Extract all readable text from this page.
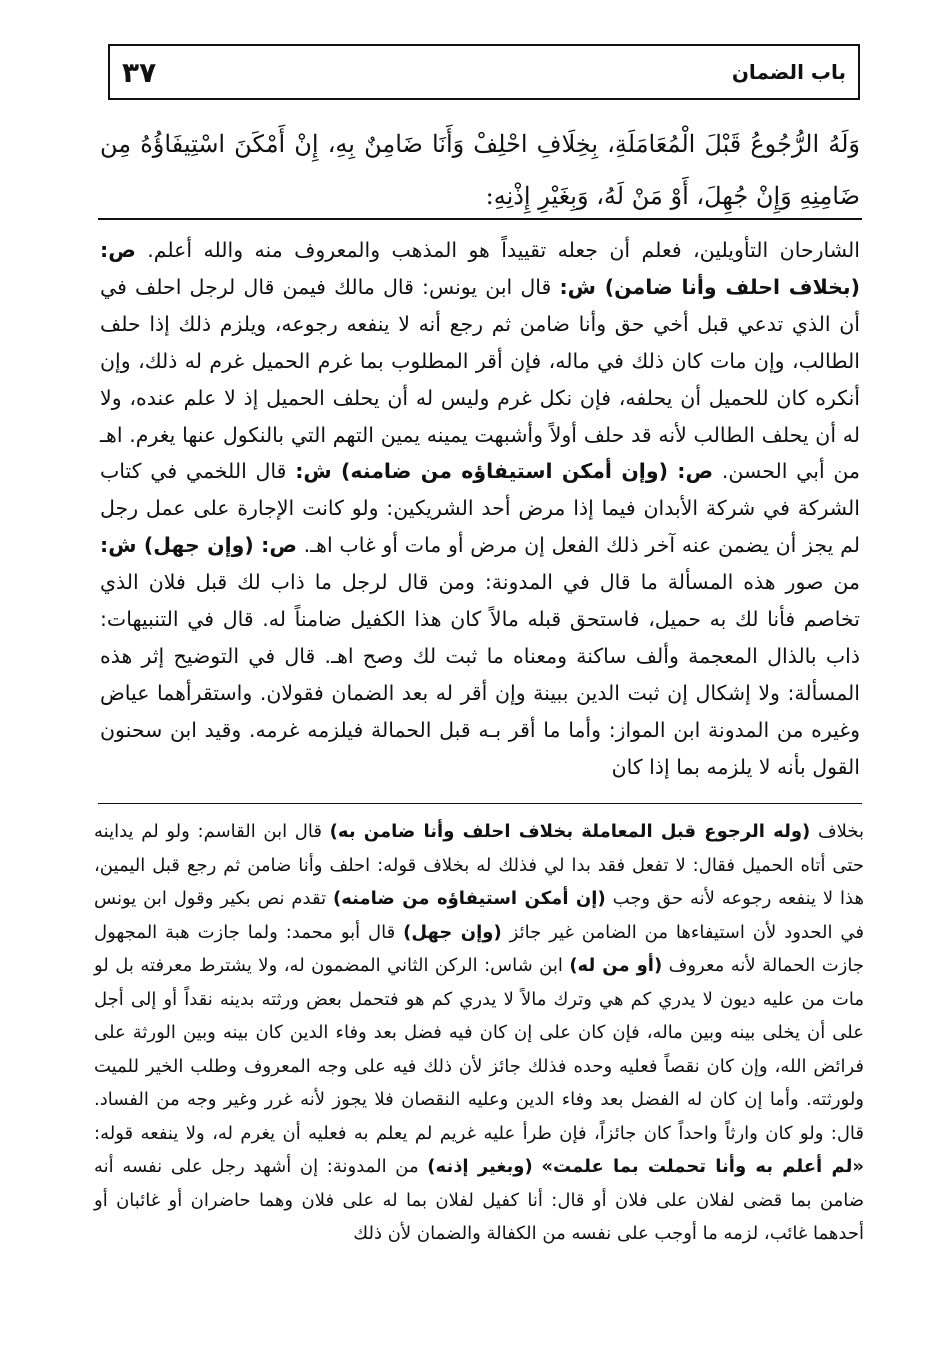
باب الضمان
٣٧
وَلَهُ الرُّجُوعُ قَبْلَ الْمُعَامَلَةِ، بِخِلَافِ احْلِفْ وَأَنَا ضَامِنٌ بِهِ، إِنْ أَمْكَنَ اسْتِيفَاؤُهُ مِن ضَامِنِهِ وَإِنْ جُهِلَ، أَوْ مَنْ لَهُ، وَبِغَيْرِ إِذْنِهِ:
الشارحان التأويلين، فعلم أن جعله تقييداً هو المذهب والمعروف منه والله أعلم. ص: (بخلاف احلف وأنا ضامن) ش: قال ابن يونس: قال مالك فيمن قال لرجل احلف في أن الذي تدعي قبل أخي حق وأنا ضامن ثم رجع أنه لا ينفعه رجوعه، ويلزم ذلك إذا حلف الطالب، وإن مات كان ذلك في ماله، فإن أقر المطلوب بما غرم الحميل غرم له ذلك، وإن أنكره كان للحميل أن يحلفه، فإن نكل غرم وليس له أن يحلف الحميل إذ لا علم عنده، ولا له أن يحلف الطالب لأنه قد حلف أولاً وأشبهت يمينه يمين التهم التي بالنكول عنها يغرم. اهـ من أبي الحسن. ص: (وإن أمكن استيفاؤه من ضامنه) ش: قال اللخمي في كتاب الشركة في شركة الأبدان فيما إذا مرض أحد الشريكين: ولو كانت الإجارة على عمل رجل لم يجز أن يضمن عنه آخر ذلك الفعل إن مرض أو مات أو غاب اهـ. ص: (وإن جهل) ش: من صور هذه المسألة ما قال في المدونة: ومن قال لرجل ما ذاب لك قبل فلان الذي تخاصم فأنا لك به حميل، فاستحق قبله مالاً كان هذا الكفيل ضامناً له. قال في التنبيهات: ذاب بالذال المعجمة وألف ساكنة ومعناه ما ثبت لك وصح اهـ. قال في التوضيح إثر هذه المسألة: ولا إشكال إن ثبت الدين ببينة وإن أقر له بعد الضمان فقولان. واستقرأهما عياض وغيره من المدونة ابن المواز: وأما ما أقر بـه قبل الحمالة فيلزمه غرمه. وقيد ابن سحنون القول بأنه لا يلزمه بما إذا كان
بخلاف (وله الرجوع قبل المعاملة بخلاف احلف وأنا ضامن به) قال ابن القاسم: ولو لم يداينه حتى أتاه الحميل فقال: لا تفعل فقد بدا لي فذلك له بخلاف قوله: احلف وأنا ضامن ثم رجع قبل اليمين، هذا لا ينفعه رجوعه لأنه حق وجب (إن أمكن استيفاؤه من ضامنه) تقدم نص بكير وقول ابن يونس في الحدود لأن استيفاءها من الضامن غير جائز (وإن جهل) قال أبو محمد: ولما جازت هبة المجهول جازت الحمالة لأنه معروف (أو من له) ابن شاس: الركن الثاني المضمون له، ولا يشترط معرفته بل لو مات من عليه ديون لا يدري كم هي وترك مالاً لا يدري كم هو فتحمل بعض ورثته بدينه نقداً أو إلى أجل على أن يخلى بينه وبين ماله، فإن كان على إن كان فيه فضل بعد وفاء الدين كان بينه وبين الورثة على فرائض الله، وإن كان نقصاً فعليه وحده فذلك جائز لأن ذلك فيه على وجه المعروف وطلب الخير للميت ولورثته. وأما إن كان له الفضل بعد وفاء الدين وعليه النقصان فلا يجوز لأنه غرر وغير وجه من الفساد. قال: ولو كان وارثاً واحداً كان جائزاً، فإن طرأ عليه غريم لم يعلم به فعليه أن يغرم له، ولا ينفعه قوله: «لم أعلم به وأنا تحملت بما علمت» (وبغير إذنه) من المدونة: إن أشهد رجل على نفسه أنه ضامن بما قضى لفلان على فلان أو قال: أنا كفيل لفلان بما له على فلان وهما حاضران أو غائبان أو أحدهما غائب، لزمه ما أوجب على نفسه من الكفالة والضمان لأن ذلك
